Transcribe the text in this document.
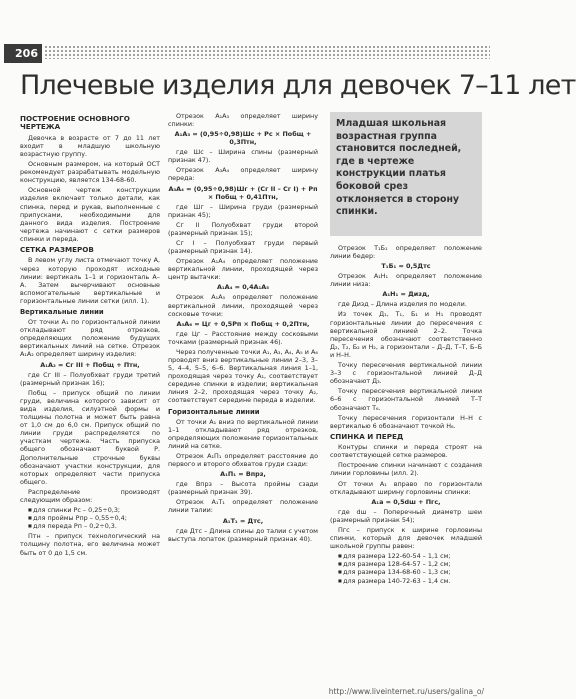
206
Плечевые изделия для девочек 7–11 лет
ПОСТРОЕНИЕ ОСНОВНОГО ЧЕРТЕЖА

Девочка в возрасте от 7 до 11 лет входит в младшую школьную возрастную группу.

Основным размером, на который ОСТ рекомендует разрабатывать модельную конструкцию, является 134-68-60.

Основной чертеж конструкции изделия включает только детали, как спинка, перед и рукав, выполненные с припусками, необходимыми для данного вида изделия. Построение чертежа начинают с сетки размеров спинки и переда.

СЕТКА РАЗМЕРОВ

В левом углу листа отмечают точку А, через которую проходят исходные линии: вертикаль 1–1 и горизонталь А–А. Затем вычерчивают основные вспомогательные вертикальные и горизонтальные линии сетки (илл. 1).

Вертикальные линии

От точки А₁ по горизонтальной линии откладывают ряд отрезков, определяющих положение будущих вертикальных линий на сетке. Отрезок А₁А₂ определяет ширину изделия:

А₁А₂ = Сг III + Побщ + Птн,

где Сг III – Полуобхват груди третий (размерный признак 16);

Побщ – припуск общий по линии груди, величина которого зависит от вида изделия, силуэтной формы и толщины полотна и может быть равна от 1,0 см до 6,0 см. Припуск общий по линии груди распределяется по участкам чертежа. Часть припуска общего обозначают буквой Р. Дополнительные строчные буквы обозначают участки конструкции, для которых определяют части припуска общего.

Распределение производят следующим образом:

■ для спинки Рс – 0,25÷0,3;
■ для проймы Рпр – 0,55÷0,4;
■ для переда Рп – 0,2÷0,3.

Птн – припуск технологический на толщину полотна, его величина может быть от 0 до 1,5 см.

Отрезок А₁А₃ определяет ширину спинки:

А₁А₃ = (0,95÷0,98)Шс + Рс × Побщ + 0,3Птн,

где Шс – Ширина спины (размерный признак 47).

Отрезок А₃А₄ определяет ширину переда:

А₃А₄ = (0,95÷0,98)Шг + (Сг II – Сг I) + Рп × Побщ + 0,41Птн,

где Шг – Ширина груди (размерный признак 45);

Сг II Полуобхват груди второй (размерный признак 15);

Сг I – Полуобхват груди первый (размерный признак 14).

Отрезок А₁А₄ определяет положение вертикальной линии, проходящей через центр вытачки:

А₁А₄ = 0,4А₁А₅

Отрезок А₁А₅ определяет положение вертикальной линии, проходящей через сосковые точки:

А₅А₆ = Цг + 0,5Рп × Побщ + 0,2Птн,

где Цг – Расстояние между сосковыми точками (размерный признак 46).

Через полученные точки А₁, А₃, А₄, А₅ и А₆ проводят вниз вертикальные линии 2–3, 3–5, 4–4, 5–5, 6–6. Вертикальная линия 1–1, проходящая через точку А₁, соответствует середине спинки в изделии; вертикальная линия 2–2, проходящая через точку А₂, соответствует середине переда в изделии.

Горизонтальные линии

От точки А₁ вниз по вертикальной линии 1–1 откладывают ряд отрезков, определяющих положение горизонтальных линий на сетке.

Отрезок А₁П₁ определяет расстояние до первого и второго обхватов груди сзади:

А₁П₁ = Впрз,

где Впрз – Высота проймы сзади (размерный признак 39).

Отрезок А₁Т₁ определяет положение линии талии:

А₁Т₁ = Дтс,

где Дтс – Длина спины до талии с учетом выступа лопаток (размерный признак 40).

Младшая школьная возрастная группа становится последней, где в чертеже конструкции платья боковой срез отклоняется в сторону спинки.

Отрезок Т₁Б₁ определяет положение линии бедер:

Т₁Б₁ = 0,5Дтс

Отрезок А₁Н₁ определяет положение линии низа:

А₁Н₁ = Дизд,

где Дизд – Длина изделия по модели.

Из точек Д₁, Т₁, Б₁ и Н₁ проводят горизонтальные линии до пересечения с вертикальной линией 2–2. Точка пересечения обозначают соответственно Д₂, Т₂, Б₂ и Н₂, а горизонтали – Д–Д, Т–Т, Б–Б и Н–Н.

Точку пересечения вертикальной линии 3–3 с горизонтальной линией Д–Д обозначают Д₃.

Точку пересечения вертикальной линии 6–6 с горизонтальной линией Т–Т обозначают Т₆.

Точку пересечения горизонтали Н–Н с вертикалью 6 обозначают точкой Н₆.

СПИНКА И ПЕРЕД

Контуры спинки и переда строят на соответствующей сетке размеров.

Построение спинки начинают с создания линии горловины (илл. 2).

От точки А₁ вправо по горизонтали откладывают ширину горловины спинки:

А₁а = 0,5dш + Пгс,

где dш – Поперечный диаметр шеи (размерный признак 54);

Пгс – припуск к ширине горловины спинки, который для девочек младшей школьной группы равен:

■ для размера 122-60-54 – 1,1 см;
■ для размера 128-64-57 – 1,2 см;
■ для размера 134-68-60 – 1,3 см;
■ для размера 140-72-63 – 1,4 см.
http://www.liveinternet.ru/users/galina_o/
